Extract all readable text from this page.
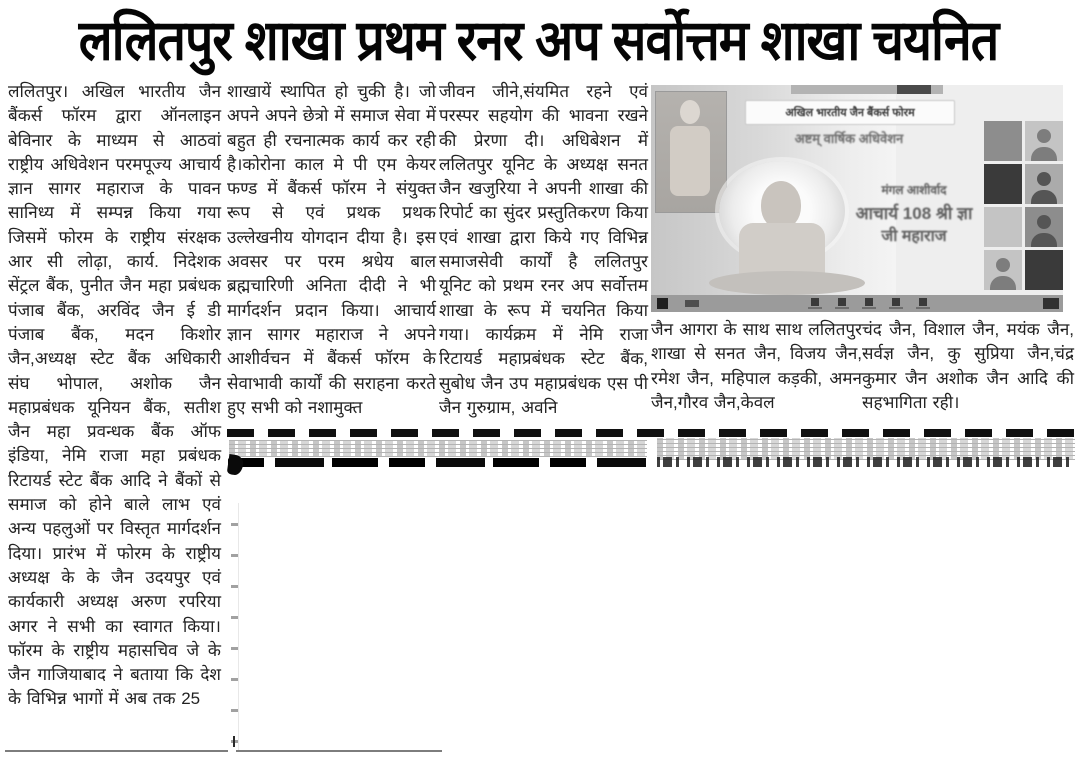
ललितपुर शाखा प्रथम रनर अप सर्वोत्तम शाखा चयनित
ललितपुर। अखिल भारतीय जैन बैंकर्स फॉरम द्वारा ऑनलाइन बेविनार के माध्यम से आठवां राष्ट्रीय अधिवेशन परमपूज्य आचार्य ज्ञान सागर महाराज के पावन सानिध्य में सम्पन्न किया गया जिसमें फोरम के राष्ट्रीय संरक्षक आर सी लोढ़ा, कार्य. निदेशक सेंट्रल बैंक, पुनीत जैन महा प्रबंधक पंजाब बैंक, अरविंद जैन ई डी पंजाब बैंक, मदन किशोर जैन,अध्यक्ष स्टेट बैंक अधिकारी संघ भोपाल, अशोक जैन महाप्रबंधक यूनियन बैंक, सतीश जैन महा प्रवन्धक बैंक ऑफ इंडिया, नेमि राजा महा प्रबंधक रिटायर्ड स्टेट बैंक आदि ने बैंकों से समाज को होने बाले लाभ एवं अन्य पहलुओं पर विस्तृत मार्गदर्शन दिया। प्रारंभ में फोरम के राष्ट्रीय अध्यक्ष के के जैन उदयपुर एवं कार्यकारी अध्यक्ष अरुण रपरिया अगर ने सभी का स्वागत किया।फॉरम के राष्ट्रीय महासचिव जे के जैन गाजियाबाद ने बताया कि देश के विभिन्न भागों में अब तक 25
शाखायें स्थापित हो चुकी है। जो अपने अपने छेत्रो में समाज सेवा में बहुत ही रचनात्मक कार्य कर रही है।कोरोना काल मे पी एम केयर फण्ड में बैंकर्स फॉरम ने संयुक्त रूप से एवं प्रथक प्रथक उल्लेखनीय योगदान दीया है। इस अवसर पर परम श्रधेय बाल ब्रह्मचारिणी अनिता दीदी ने भी मार्गदर्शन प्रदान किया। आचार्य ज्ञान सागर महाराज ने अपने आशीर्वचन में बैंकर्स फॉरम के सेवाभावी कार्यों की सराहना करते हुए सभी को नशामुक्त
जीवन जीने,संयमित रहने एवं परस्पर सहयोग की भावना रखने की प्रेरणा दी। अधिबेशन में ललितपुर यूनिट के अध्यक्ष सनत जैन खजुरिया ने अपनी शाखा की रिपोर्ट का सुंदर प्रस्तुतिकरण किया एवं शाखा द्वारा किये गए विभिन्न समाजसेवी कार्यों है ललितपुर यूनिट को प्रथम रनर अप सर्वोत्तम शाखा के रूप में चयनित किया गया। कार्यक्रम में नेमि राजा रिटायर्ड महाप्रबंधक स्टेट बैंक, सुबोध जैन उप महाप्रबंधक एस पी जैन गुरुग्राम, अवनि
अखिल भारतीय जैन बैंकर्स फोरम
अष्टम् वार्षिक अधिवेशन
मंगल आशीर्वाद
आचार्य 108 श्री ज्ञा
जी महाराज
जैन आगरा के साथ साथ ललितपुर शाखा से सनत जैन, विजय जैन, रमेश जैन, महिपाल कड़की, अमन जैन,गौरव जैन,केवल
चंद जैन, विशाल जैन, मयंक जैन, सर्वज्ञ जैन, कु सुप्रिया जैन,चंद्र कुमार जैन अशोक जैन आदि की सहभागिता रही।
